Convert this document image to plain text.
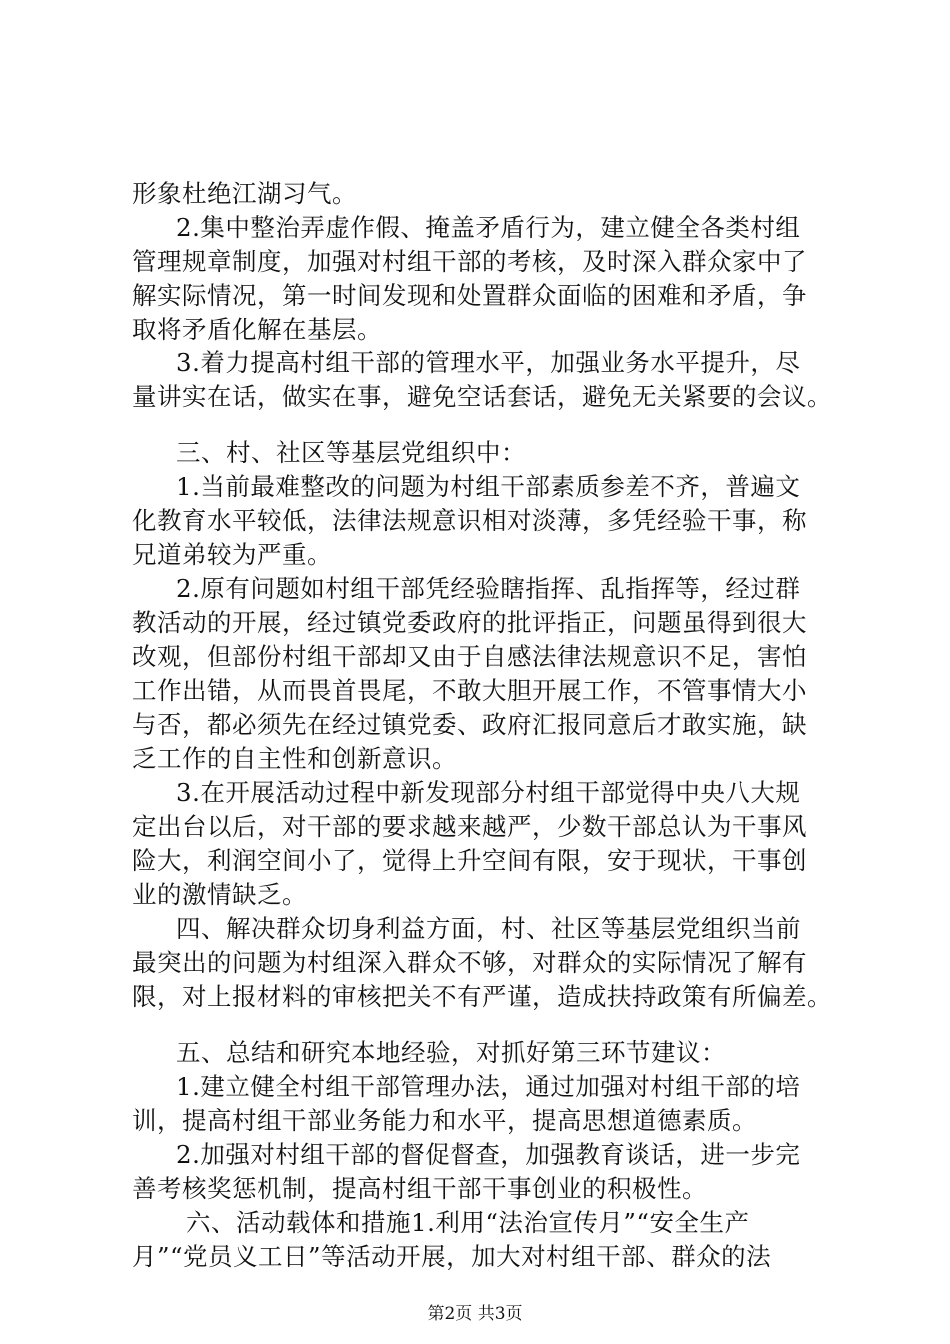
形象杜绝江湖习气。
2.集中整治弄虚作假、掩盖矛盾行为，建立健全各类村组
管理规章制度，加强对村组干部的考核，及时深入群众家中了
解实际情况，第一时间发现和处置群众面临的困难和矛盾，争
取将矛盾化解在基层。
3.着力提高村组干部的管理水平，加强业务水平提升，尽
量讲实在话，做实在事，避免空话套话，避免无关紧要的会议。
三、村、社区等基层党组织中：
1.当前最难整改的问题为村组干部素质参差不齐，普遍文
化教育水平较低，法律法规意识相对淡薄，多凭经验干事，称
兄道弟较为严重。
2.原有问题如村组干部凭经验瞎指挥、乱指挥等，经过群
教活动的开展，经过镇党委政府的批评指正，问题虽得到很大
改观，但部份村组干部却又由于自感法律法规意识不足，害怕
工作出错，从而畏首畏尾，不敢大胆开展工作，不管事情大小
与否，都必须先在经过镇党委、政府汇报同意后才敢实施，缺
乏工作的自主性和创新意识。
3.在开展活动过程中新发现部分村组干部觉得中央八大规
定出台以后，对干部的要求越来越严，少数干部总认为干事风
险大，利润空间小了，觉得上升空间有限，安于现状，干事创
业的激情缺乏。
四、解决群众切身利益方面，村、社区等基层党组织当前
最突出的问题为村组深入群众不够，对群众的实际情况了解有
限，对上报材料的审核把关不有严谨，造成扶持政策有所偏差。
五、总结和研究本地经验，对抓好第三环节建议：
1.建立健全村组干部管理办法，通过加强对村组干部的培
训，提高村组干部业务能力和水平，提高思想道德素质。
2.加强对村组干部的督促督查，加强教育谈话，进一步完
善考核奖惩机制，提高村组干部干事创业的积极性。
六、活动载体和措施1.利用“法治宣传月”“安全生产
月”“党员义工日”等活动开展，加大对村组干部、群众的法
第2页 共3页
